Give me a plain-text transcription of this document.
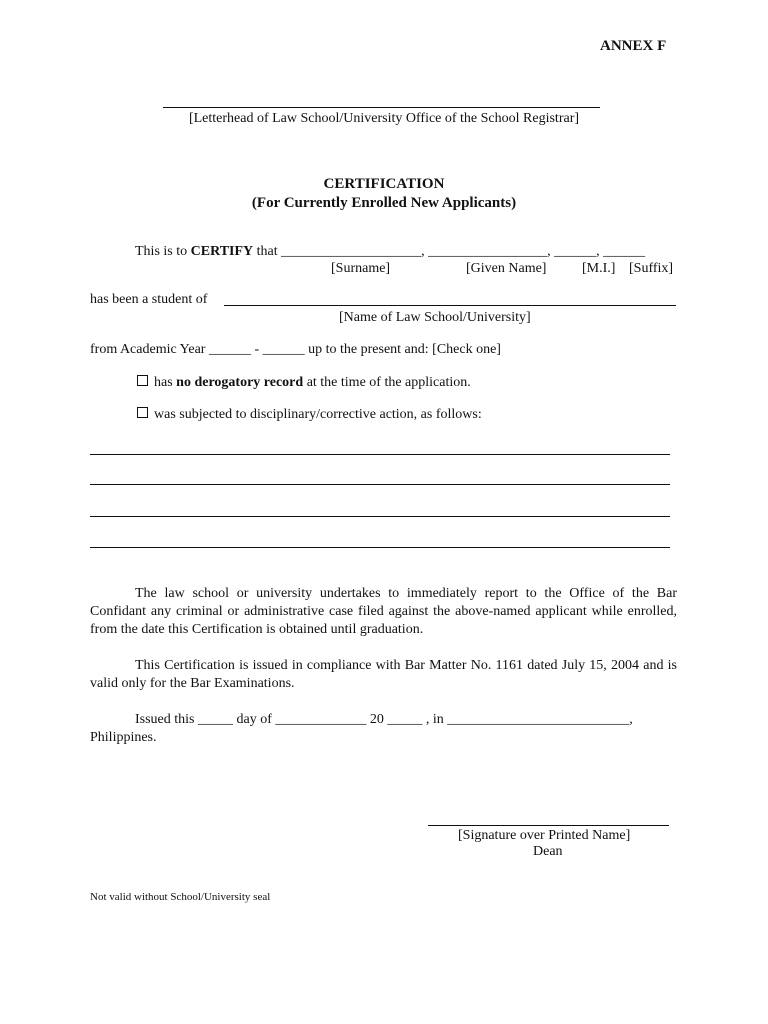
ANNEX F
[Letterhead of Law School/University Office of the School Registrar]
CERTIFICATION
(For Currently Enrolled New Applicants)
This is to CERTIFY that ____________________, _________________, ______, ______
[Surname]	[Given Name]	[M.I.] [Suffix]
has been a student of
[Name of Law School/University]
from Academic Year ______ - ______ up to the present and: [Check one]
has no derogatory record at the time of the application.
was subjected to disciplinary/corrective action, as follows:
The law school or university undertakes to immediately report to the Office of the Bar Confidant any criminal or administrative case filed against the above-named applicant while enrolled, from the date this Certification is obtained until graduation.
This Certification is issued in compliance with Bar Matter No. 1161 dated July 15, 2004 and is valid only for the Bar Examinations.
Issued this _____ day of _____________ 20 _____ , in __________________________,
Philippines.
[Signature over Printed Name]
Dean
Not valid without School/University seal
